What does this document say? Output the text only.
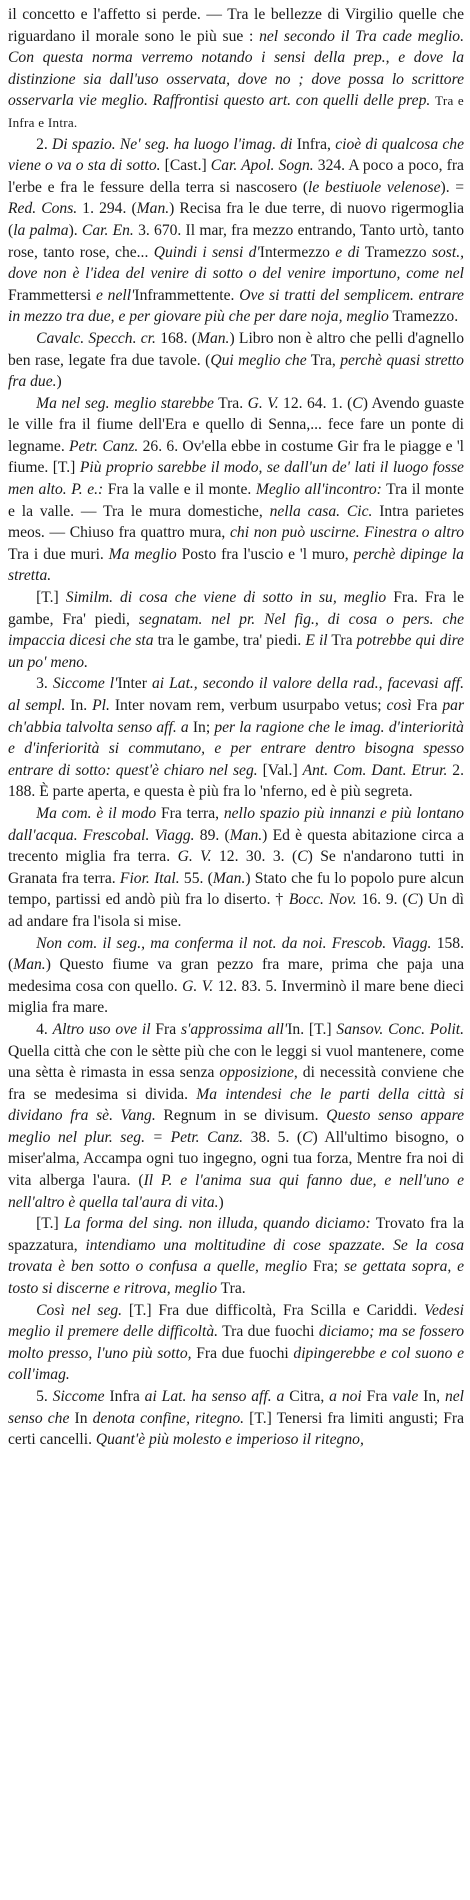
il concetto e l'affetto si perde. — Tra le bellezze di Virgilio quelle che riguardano il morale sono le più sue : nel secondo il Tra cade meglio. Con questa norma verremo notando i sensi della prep., e dove la distinzione sia dall'uso osservata, dove no ; dove possa lo scrittore osservarla vie meglio. Raffrontisi questo art. con quelli delle prep. Tra e Infra e Intra.

2. Di spazio. Ne' seg. ha luogo l'imag. di Infra, cioè di qualcosa che viene o va o sta di sotto. [Cast.] Car. Apol. Sogn. 324. A poco a poco, fra l'erbe e fra le fessure della terra si nascosero (le bestiuole velenose). = Red. Cons. 1. 294. (Man.) Recisa fra le due terre, di nuovo rigermoglia (la palma). Car. En. 3. 670. Il mar, fra mezzo entrando, Tanto urtò, tanto rose, tanto rose, che... Quindi i sensi d'Intermezzo e di Tramezzo sost., dove non è l'idea del venire di sotto o del venire importuno, come nel Frammettersi e nell'Inframmettente. Ove si tratti del semplicem. entrare in mezzo tra due, e per giovare più che per dare noja, meglio Tramezzo.

Cavalc. Specch. cr. 168. (Man.) Libro non è altro che pelli d'agnello ben rase, legate fra due tavole. (Qui meglio che Tra, perchè quasi stretto fra due.)

Ma nel seg. meglio starebbe Tra. G. V. 12. 64. 1. (C) Avendo guaste le ville fra il fiume dell'Era e quello di Senna,... fece fare un ponte di legname. Petr. Canz. 26. 6. Ov'ella ebbe in costume Gir fra le piagge e 'l fiume. [T.] Più proprio sarebbe il modo, se dall'un de' lati il luogo fosse men alto. P. e.: Fra la valle e il monte. Meglio all'incontro: Tra il monte e la valle. — Tra le mura domestiche, nella casa. Cic. Intra parietes meos. — Chiuso fra quattro mura, chi non può uscirne. Finestra o altro Tra i due muri. Ma meglio Posto fra l'uscio e 'l muro, perchè dipinge la stretta.

[T.] Similm. di cosa che viene di sotto in su, meglio Fra. Fra le gambe, Fra' piedi, segnatam. nel pr. Nel fig., di cosa o pers. che impaccia dicesi che sta tra le gambe, tra' piedi. E il Tra potrebbe qui dire un po' meno.

3. Siccome l'Inter ai Lat., secondo il valore della rad., facevasi aff. al sempl. In. Pl. Inter novam rem, verbum usurpabo vetus; così Fra par ch'abbia talvolta senso aff. a In; per la ragione che le imag. d'interiorità e d'inferiorità si commutano, e per entrare dentro bisogna spesso entrare di sotto: quest'è chiaro nel seg. [Val.] Ant. Com. Dant. Etrur. 2. 188. È parte aperta, e questa è più fra lo 'nferno, ed è più segreta.

Ma com. è il modo Fra terra, nello spazio più innanzi e più lontano dall'acqua. Frescobal. Viagg. 89. (Man.) Ed è questa abitazione circa a trecento miglia fra terra. G. V. 12. 30. 3. (C) Se n'andarono tutti in Granata fra terra. Fior. Ital. 55. (Man.) Stato che fu lo popolo pure alcun tempo, partissi ed andò più fra lo diserto. † Bocc. Nov. 16. 9. (C) Un dì ad andare fra l'isola si mise.

Non com. il seg., ma conferma il not. da noi. Frescob. Viagg. 158. (Man.) Questo fiume va gran pezzo fra mare, prima che paja una medesima cosa con quello. G. V. 12. 83. 5. Inverminò il mare bene dieci miglia fra mare.

4. Altro uso ove il Fra s'approssima all'In. [T.] Sansov. Conc. Polit. Quella città che con le sètte più che con le leggi si vuol mantenere, come una sètta è rimasta in essa senza opposizione, di necessità conviene che fra se medesima si divida. Ma intendesi che le parti della città si dividano fra sè. Vang. Regnum in se divisum. Questo senso appare meglio nel plur. seg. = Petr. Canz. 38. 5. (C) All'ultimo bisogno, o miser'alma, Accampa ogni tuo ingegno, ogni tua forza, Mentre fra noi di vita alberga l'aura. (Il P. e l'anima sua qui fanno due, e nell'uno e nell'altro è quella tal'aura di vita.)

[T.] La forma del sing. non illuda, quando diciamo: Trovato fra la spazzatura, intendiamo una moltitudine di cose spazzate. Se la cosa trovata è ben sotto o confusa a quelle, meglio Fra; se gettata sopra, e tosto si discerne e ritrova, meglio Tra.

Così nel seg. [T.] Fra due difficoltà, Fra Scilla e Cariddi. Vedesi meglio il premere delle difficoltà. Tra due fuochi diciamo; ma se fossero molto presso, l'uno più sotto, Fra due fuochi dipingerebbe e col suono e coll'imag.

5. Siccome Infra ai Lat. ha senso aff. a Citra, a noi Fra vale In, nel senso che In denota confine, ritegno. [T.] Tenersi fra limiti angusti; Fra certi cancelli. Quant'è più molesto e imperioso il ritegno,
